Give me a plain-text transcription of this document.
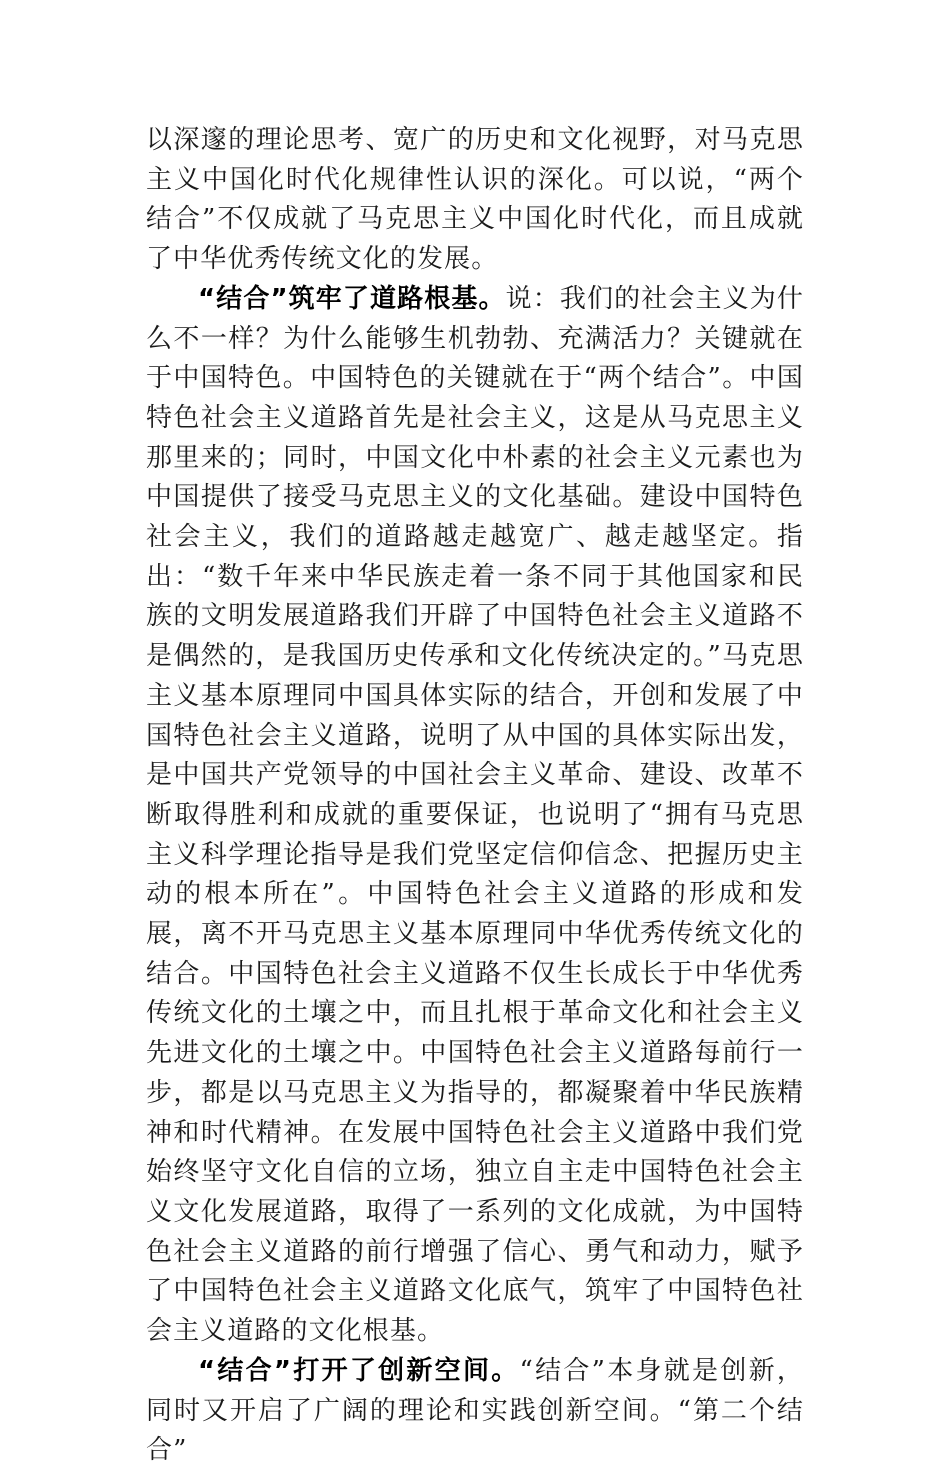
以深邃的理论思考、宽广的历史和文化视野，对马克思主义中国化时代化规律性认识的深化。可以说，“两个结合”不仅成就了马克思主义中国化时代化，而且成就了中华优秀传统文化的发展。

“结合”筑牢了道路根基。说：我们的社会主义为什么不一样？为什么能够生机勃勃、充满活力？关键就在于中国特色。中国特色的关键就在于“两个结合”。中国特色社会主义道路首先是社会主义，这是从马克思主义那里来的；同时，中国文化中朴素的社会主义元素也为中国提供了接受马克思主义的文化基础。建设中国特色社会主义，我们的道路越走越宽广、越走越坚定。指出：“数千年来中华民族走着一条不同于其他国家和民族的文明发展道路我们开辟了中国特色社会主义道路不是偶然的，是我国历史传承和文化传统决定的。”马克思主义基本原理同中国具体实际的结合，开创和发展了中国特色社会主义道路，说明了从中国的具体实际出发，是中国共产党领导的中国社会主义革命、建设、改革不断取得胜利和成就的重要保证，也说明了“拥有马克思主义科学理论指导是我们党坚定信仰信念、把握历史主动的根本所在”。中国特色社会主义道路的形成和发展，离不开马克思主义基本原理同中华优秀传统文化的结合。中国特色社会主义道路不仅生长成长于中华优秀传统文化的土壤之中，而且扎根于革命文化和社会主义先进文化的土壤之中。中国特色社会主义道路每前行一步，都是以马克思主义为指导的，都凝聚着中华民族精神和时代精神。在发展中国特色社会主义道路中我们党始终坚守文化自信的立场，独立自主走中国特色社会主义文化发展道路，取得了一系列的文化成就，为中国特色社会主义道路的前行增强了信心、勇气和动力，赋予了中国特色社会主义道路文化底气，筑牢了中国特色社会主义道路的文化根基。

“结合”打开了创新空间。“结合”本身就是创新，同时又开启了广阔的理论和实践创新空间。“第二个结合”
